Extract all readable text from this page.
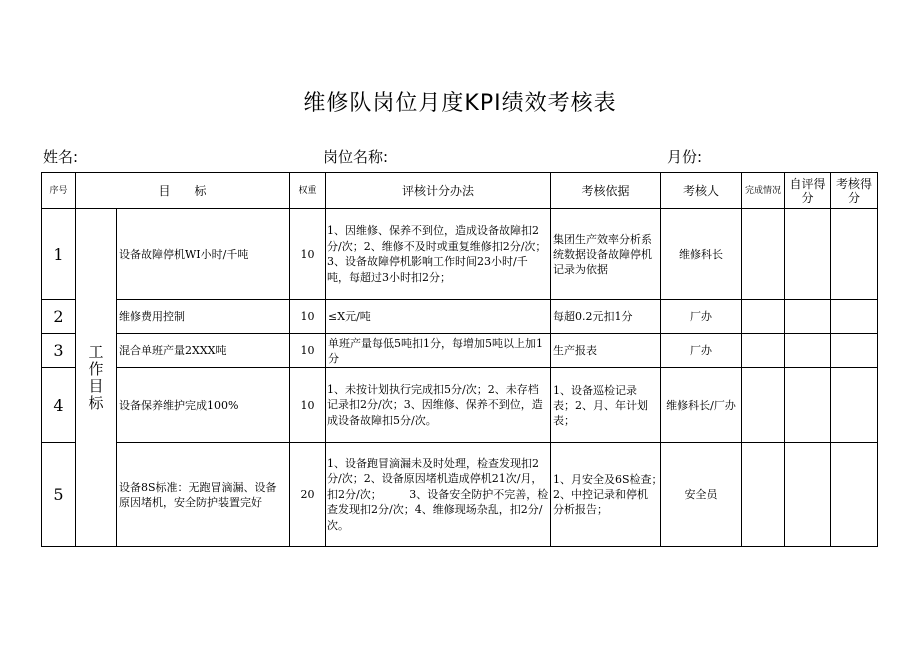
维修队岗位月度KPI绩效考核表
姓名:	岗位名称:	月份:
序号	目　　标		权重	评核计分办法	考核依据	考核人	完成情况	自评得分	考核得分
1	工作目标	设备故障停机WI小时/千吨	10	1、因维修、保养不到位，造成设备故障扣2分/次；2、维修不及时或重复维修扣2分/次；3、设备故障停机影响工作时间23小时/千吨，每超过3小时扣2分；	集团生产效率分析系统数据设备故障停机记录为依据	维修科长			
2		维修费用控制	10	≤X元/吨	每超0.2元扣1分	厂办			
3		混合单班产量2XXX吨	10	单班产量每低5吨扣1分，每增加5吨以上加1分	生产报表	厂办			
4		设备保养维护完成100%	10	1、未按计划执行完成扣5分/次；2、未存档记录扣2分/次；3、因维修、保养不到位，造成设备故障扣5分/次。	1、设备巡检记录表；2、月、年计划表；	维修科长/厂办			
5		设备8S标准：无跑冒滴漏、设备原因堵机，安全防护装置完好	20	1、设备跑冒滴漏未及时处理，检查发现扣2分/次；2、设备原因堵机造成停机21次/月，扣2分/次；　　　3、设备安全防护不完善，检查发现扣2分/次；4、维修现场杂乱，扣2分/次。	1、月安全及6S检查；　　　　2、中控记录和停机分析报告；	安全员			
